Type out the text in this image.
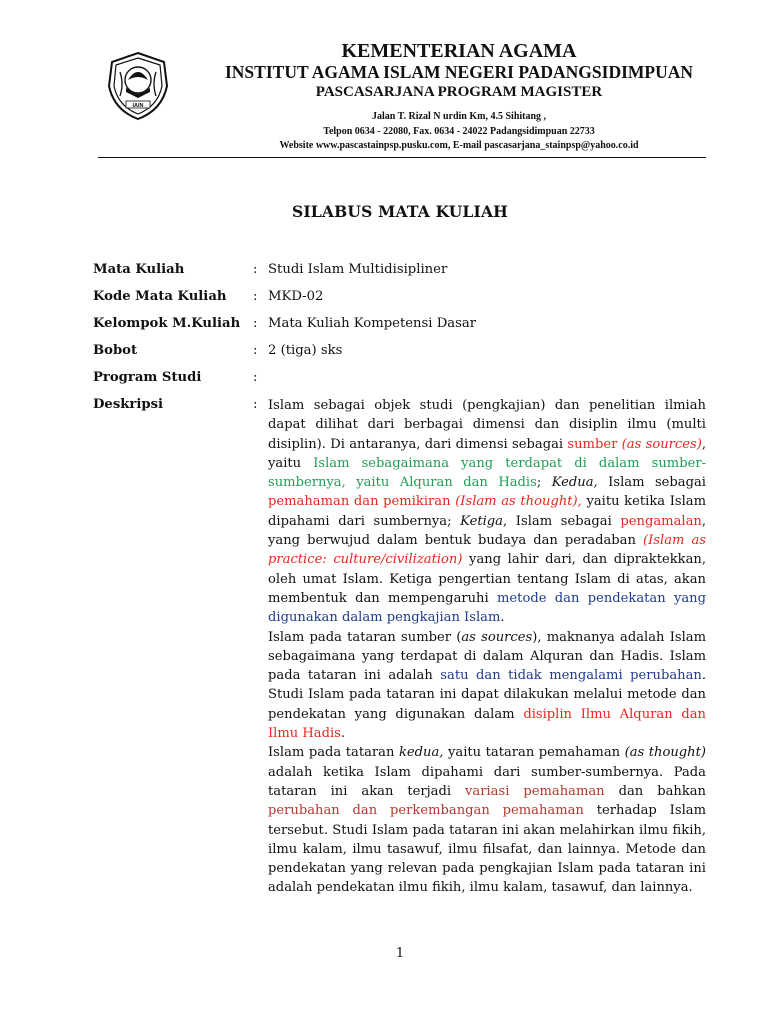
IAIN
KEMENTERIAN AGAMA
INSTITUT AGAMA ISLAM NEGERI PADANGSIDIMPUAN
PASCASARJANA PROGRAM MAGISTER
Jalan T. Rizal N urdin Km, 4.5 Sihitang ,
Telpon 0634 - 22080, Fax. 0634 - 24022 Padangsidimpuan 22733
Website www.pascastainpsp.pusku.com, E-mail pascasarjana_stainpsp@yahoo.co.id
SILABUS MATA KULIAH
Mata Kuliah	: Studi Islam Multidisipliner
Kode Mata Kuliah : MKD-02
Kelompok M.Kuliah : Mata Kuliah Kompetensi Dasar
Bobot	: 2 (tiga) sks
Program Studi	:
Deskripsi	: Islam sebagai objek studi (pengkajian) dan penelitian ilmiah dapat dilihat dari berbagai dimensi dan disiplin ilmu (multi disiplin). Di antaranya, dari dimensi sebagai sumber (as sources), yaitu Islam sebagaimana yang terdapat di dalam sumber-sumbernya, yaitu Alquran dan Hadis; Kedua, Islam sebagai pemahaman dan pemikiran (Islam as thought), yaitu ketika Islam dipahami dari sumbernya; Ketiga, Islam sebagai pengamalan, yang berwujud dalam bentuk budaya dan peradaban (Islam as practice: culture/civilization) yang lahir dari, dan dipraktekkan, oleh umat Islam. Ketiga pengertian tentang Islam di atas, akan membentuk dan mempengaruhi metode dan pendekatan yang digunakan dalam pengkajian Islam.

Islam pada tataran sumber (as sources), maknanya adalah Islam sebagaimana yang terdapat di dalam Alquran dan Hadis. Islam pada tataran ini adalah satu dan tidak mengalami perubahan. Studi Islam pada tataran ini dapat dilakukan melalui metode dan pendekatan yang digunakan dalam disiplin Ilmu Alquran dan Ilmu Hadis.

Islam pada tataran kedua, yaitu tataran pemahaman (as thought) adalah ketika Islam dipahami dari sumber-sumbernya. Pada tataran ini akan terjadi variasi pemahaman dan bahkan perubahan dan perkembangan pemahaman terhadap Islam tersebut. Studi Islam pada tataran ini akan melahirkan ilmu fikih, ilmu kalam, ilmu tasawuf, ilmu filsafat, dan lainnya. Metode dan pendekatan yang relevan pada pengkajian Islam pada tataran ini adalah pendekatan ilmu fikih, ilmu kalam, tasawuf, dan lainnya.

1
